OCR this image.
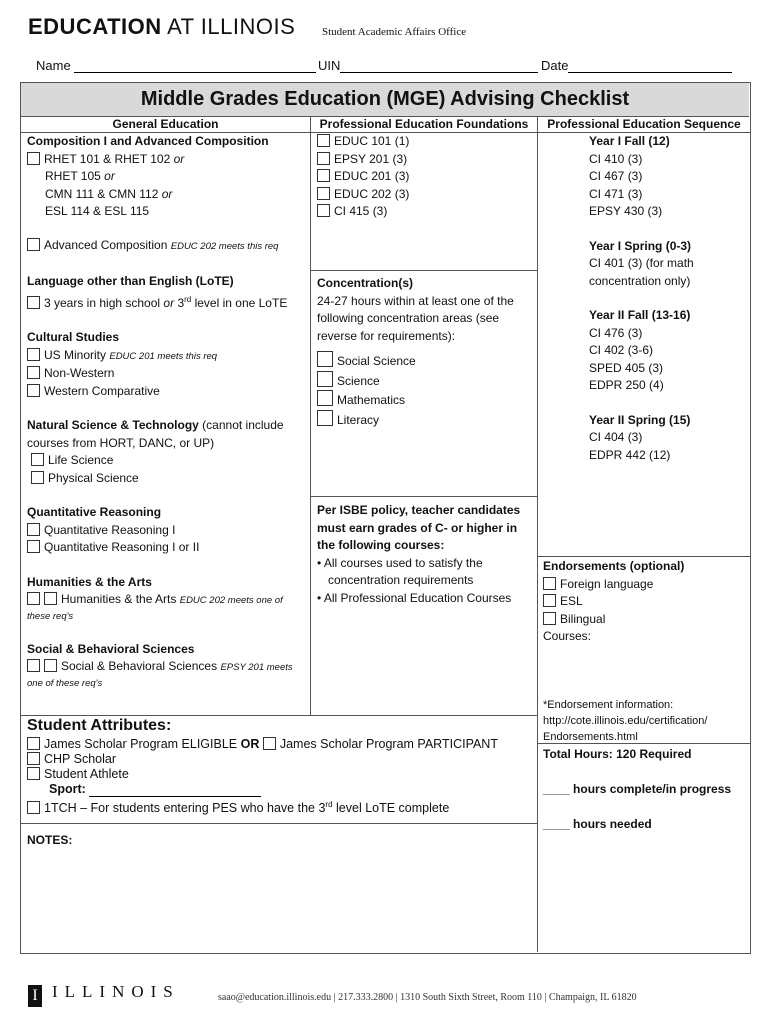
EDUCATION AT ILLINOIS Student Academic Affairs Office
Name	UIN	Date
Middle Grades Education (MGE) Advising Checklist
General Education	Professional Education Foundations	Professional Education Sequence
Composition I and Advanced Composition
RHET 101 & RHET 102 or
RHET 105 or
CMN 111 & CMN 112 or
ESL 114 & ESL 115
Advanced Composition EDUC 202 meets this req
Language other than English (LoTE)
3 years in high school or 3rd level in one LoTE
Cultural Studies
US Minority EDUC 201 meets this req
Non-Western
Western Comparative
Natural Science & Technology (cannot include
courses from HORT, DANC, or UP)
Life Science
Physical Science
Quantitative Reasoning
Quantitative Reasoning I
Quantitative Reasoning I or II
Humanities & the Arts
Humanities & the Arts EDUC 202 meets one of
these req's
Social & Behavioral Sciences
Social & Behavioral Sciences EPSY 201 meets
one of these req's
EDUC 101 (1)
EPSY 201 (3)
EDUC 201 (3)
EDUC 202 (3)
CI 415 (3)
Concentration(s)
24-27 hours within at least one of the
following concentration areas (see
reverse for requirements):
Social Science
Science
Mathematics
Literacy
Per ISBE policy, teacher candidates
must earn grades of C- or higher in
the following courses:
• All courses used to satisfy the
concentration requirements
• All Professional Education Courses
Year I Fall (12)
CI 410 (3)
CI 467 (3)
CI 471 (3)
EPSY 430 (3)
Year I Spring (0-3)
CI 401 (3) (for math
concentration only)
Year II Fall (13-16)
CI 476 (3)
CI 402 (3-6)
SPED 405 (3)
EDPR 250 (4)
Year II Spring (15)
CI 404 (3)
EDPR 442 (12)
Endorsements (optional)
Foreign language
ESL
Bilingual
Courses:
*Endorsement information:
http://cote.illinois.edu/certification/
Endorsements.html
Total Hours: 120 Required
____ hours complete/in progress
____ hours needed
Student Attributes:
James Scholar Program ELIGIBLE OR James Scholar Program PARTICIPANT
CHP Scholar
Student Athlete
Sport:
1TCH – For students entering PES who have the 3rd level LoTE complete
NOTES:
I ILLINOIS	saao@education.illinois.edu | 217.333.2800 | 1310 South Sixth Street, Room 110 | Champaign, IL 61820
